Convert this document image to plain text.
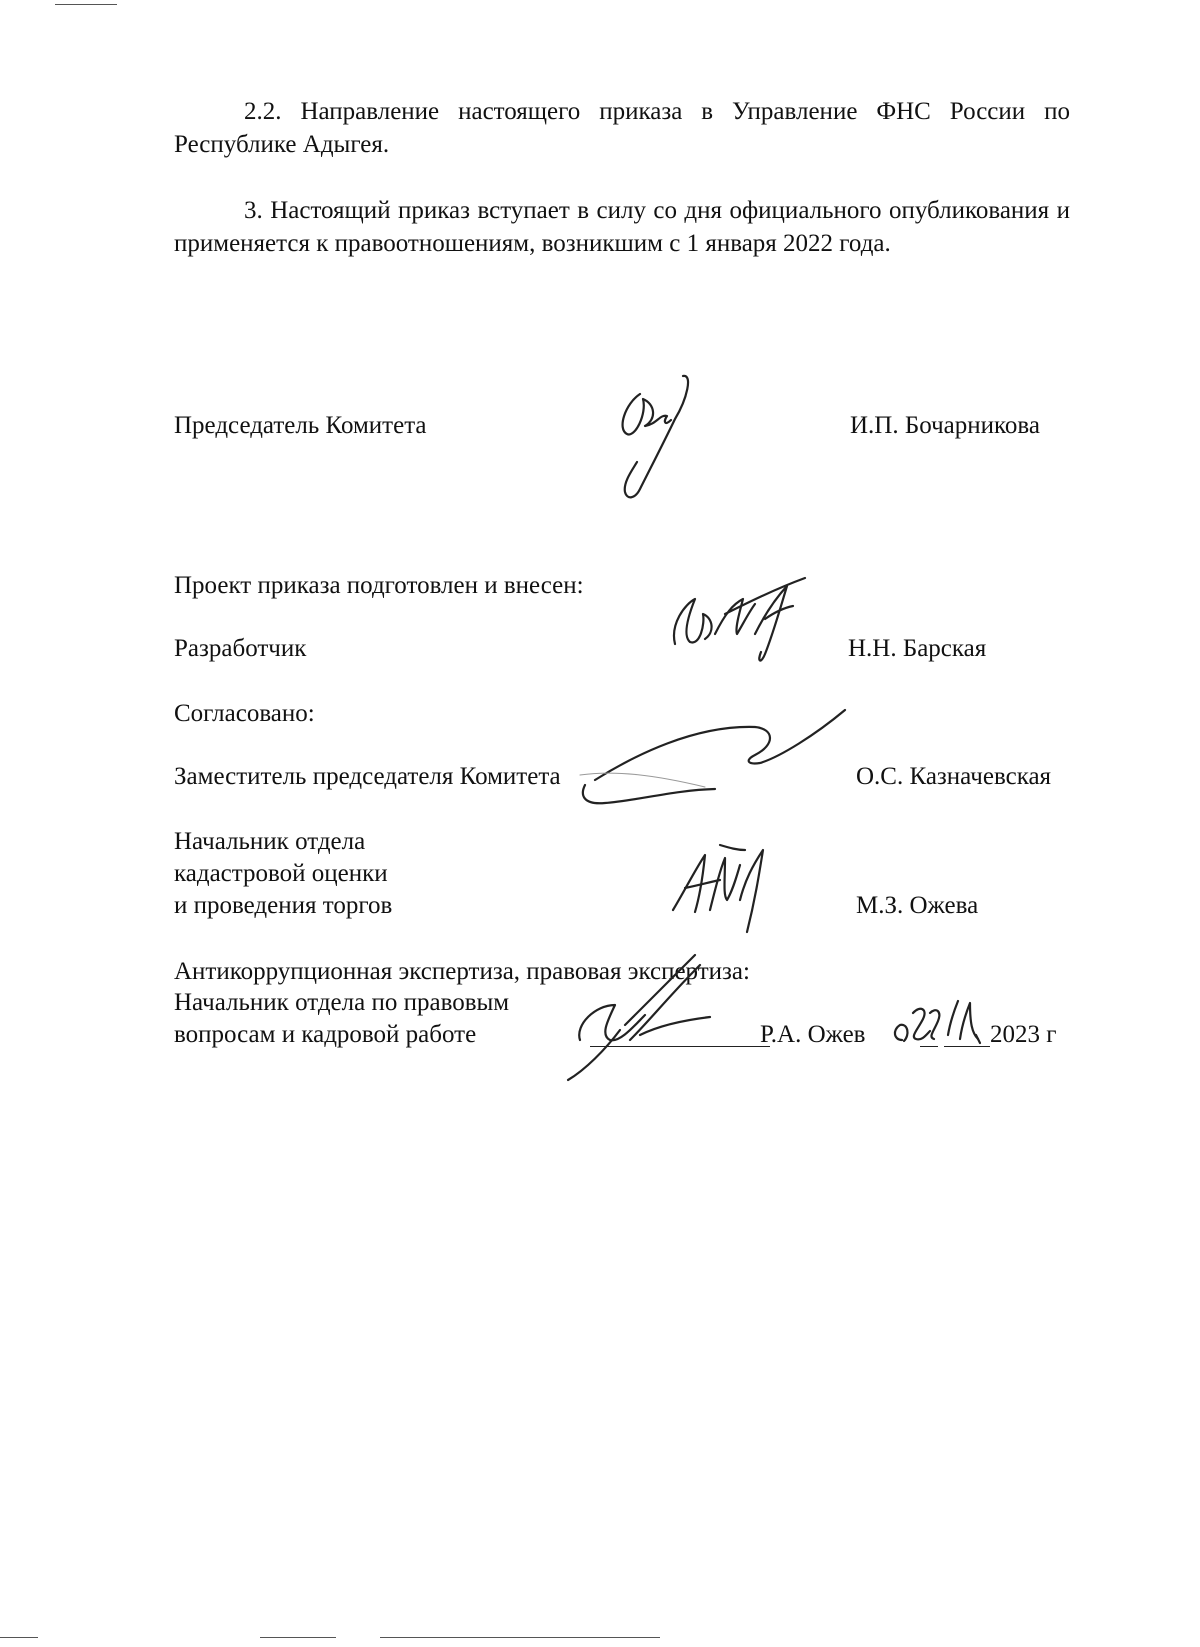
2.2. Направление настоящего приказа в Управление ФНС России по Республике Адыгея.
3. Настоящий приказ вступает в силу со дня официального опубликования и применяется к правоотношениям, возникшим с 1 января 2022 года.
Председатель Комитета	И.П. Бочарникова
Проект приказа подготовлен и внесен:
Разработчик	Н.Н. Барская
Согласовано:
Заместитель председателя Комитета	О.С. Казначевская
Начальник отдела
кадастровой оценки
и проведения торгов	М.З. Ожева
Антикоррупционная экспертиза, правовая экспертиза:
Начальник отдела по правовым
вопросам и кадровой работе	Р.А. Ожев	2023 г
